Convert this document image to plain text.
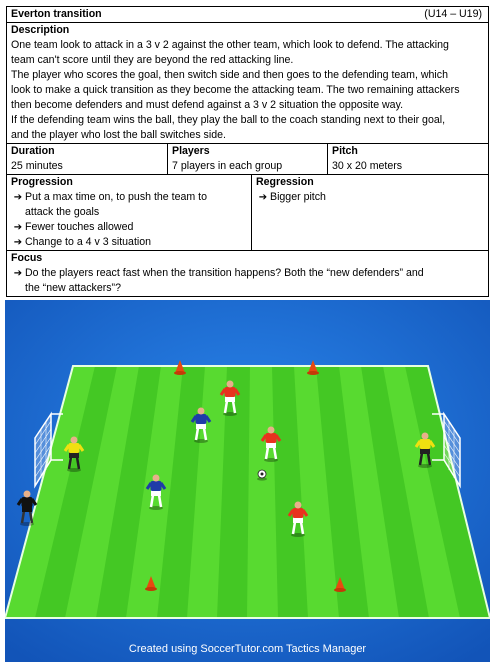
Everton transition	(U14 – U19)
Description
One team look to attack in a 3 v 2 against the other team, which look to defend. The attacking
team can't score until they are beyond the red attacking line.
The player who scores the goal, then switch side and then goes to the defending team, which
look to make a quick transition as they become the attacking team. The two remaining attackers
then become defenders and must defend against a 3 v 2 situation the opposite way.
If the defending team wins the ball, they play the ball to the coach standing next to their goal,
and the player who lost the ball switches side.
Duration
25 minutes
Players
7 players in each group
Pitch
30 x 20 meters
Progression
➔ Put a max time on, to push the team to
attack the goals
➔ Fewer touches allowed
➔ Change to a 4 v 3 situation
Regression
➔ Bigger pitch
Focus
➔ Do the players react fast when the transition happens? Both the “new defenders” and
the “new attackers”?
Created using SoccerTutor.com Tactics Manager
